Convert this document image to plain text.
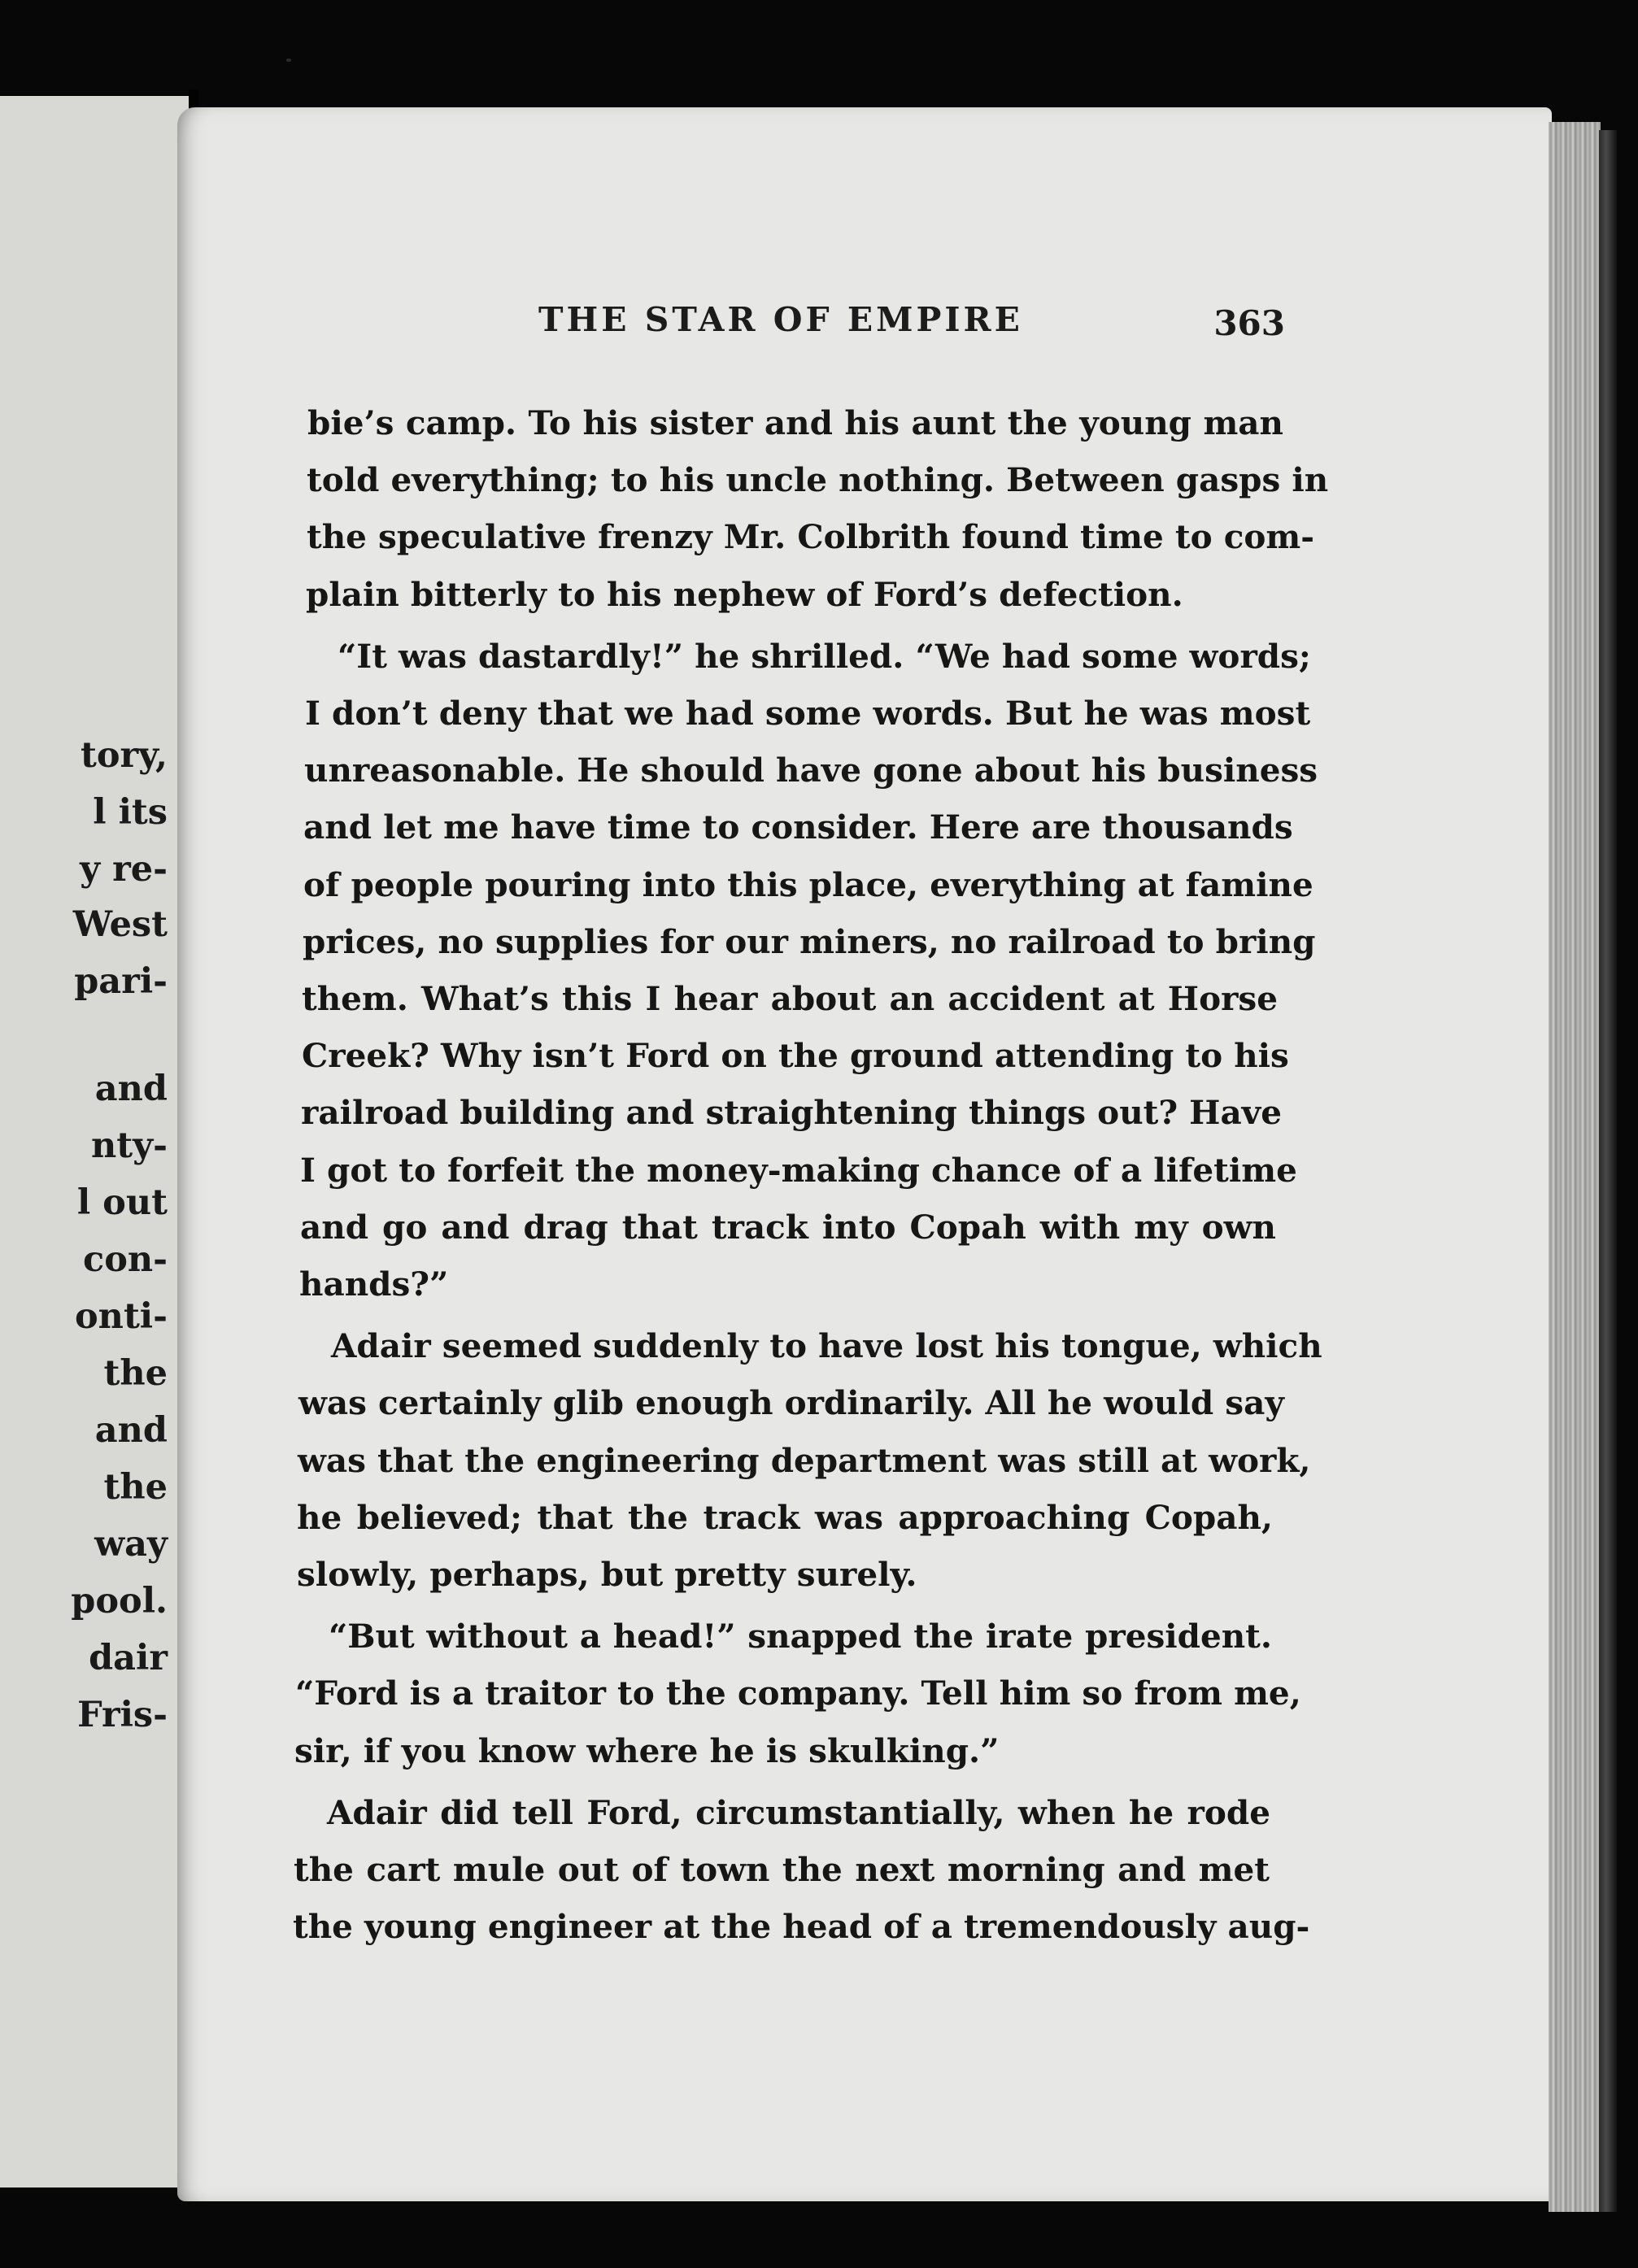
tory,

l its

y re-

West

pari-

and

nty-

l out

con-

onti-

the

and

the

way

pool.

dair

Fris-

THE STAR OF EMPIRE	363

bie’s camp. To his sister and his aunt the young man
told everything; to his uncle nothing. Between gasps in
the speculative frenzy Mr. Colbrith found time to com-
plain bitterly to his nephew of Ford’s defection.
“It was dastardly!” he shrilled. “We had some words;
I don’t deny that we had some words. But he was most
unreasonable. He should have gone about his business
and let me have time to consider. Here are thousands
of people pouring into this place, everything at famine
prices, no supplies for our miners, no railroad to bring
them. What’s this I hear about an accident at Horse
Creek? Why isn’t Ford on the ground attending to his
railroad building and straightening things out? Have
I got to forfeit the money-making chance of a lifetime
and go and drag that track into Copah with my own
hands?”
Adair seemed suddenly to have lost his tongue, which
was certainly glib enough ordinarily. All he would say
was that the engineering department was still at work,
he believed; that the track was approaching Copah,
slowly, perhaps, but pretty surely.
“But without a head!” snapped the irate president.
“Ford is a traitor to the company. Tell him so from me,
sir, if you know where he is skulking.”
Adair did tell Ford, circumstantially, when he rode
the cart mule out of town the next morning and met
the young engineer at the head of a tremendously aug-
